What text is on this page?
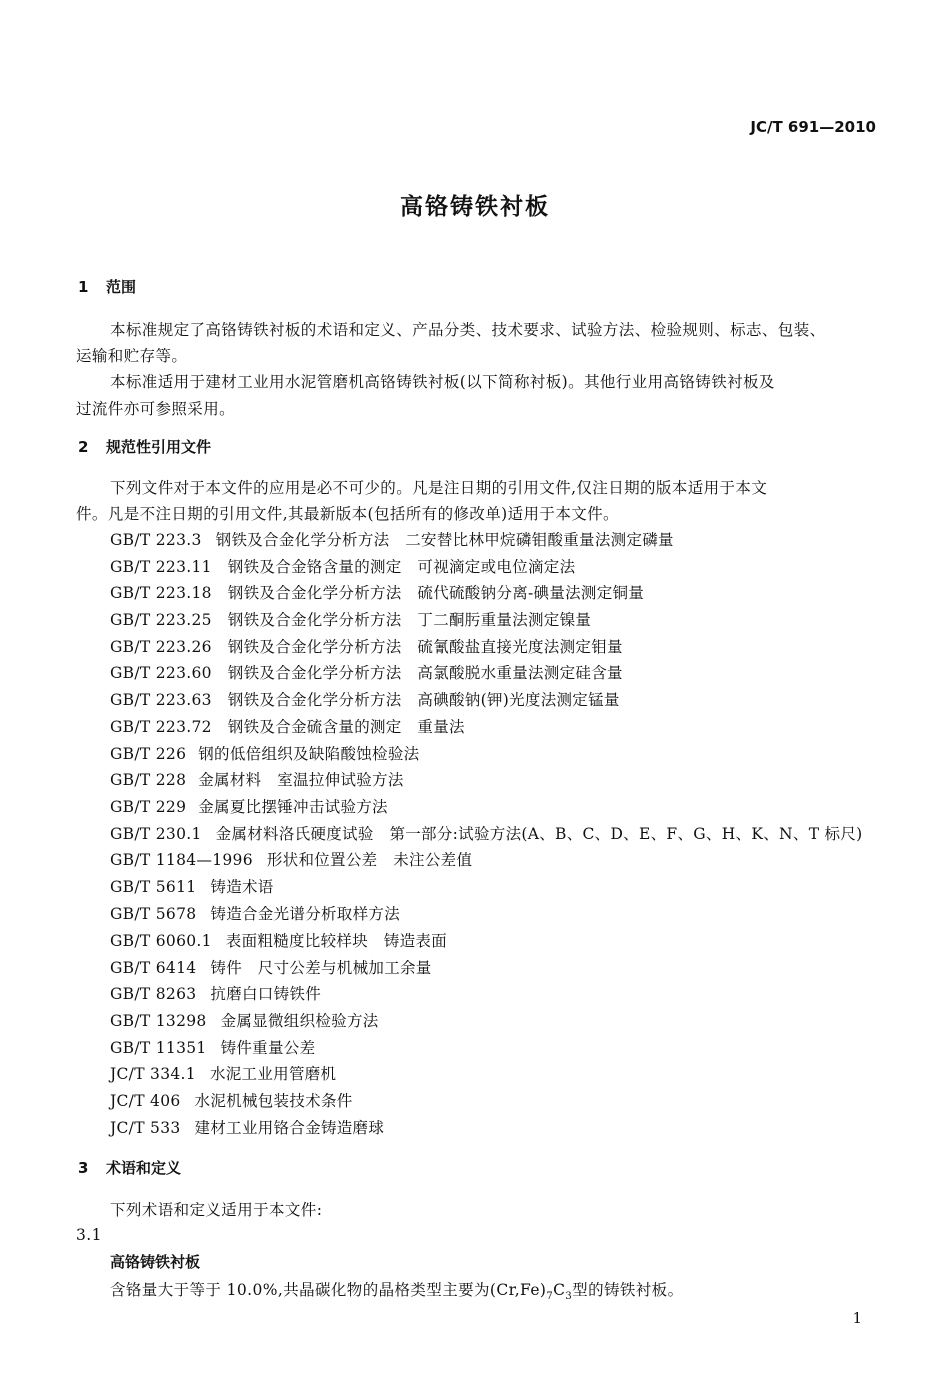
JC/T 691—2010
高铬铸铁衬板
1 范围
本标准规定了高铬铸铁衬板的术语和定义、产品分类、技术要求、试验方法、检验规则、标志、包装、
运输和贮存等。
本标准适用于建材工业用水泥管磨机高铬铸铁衬板(以下简称衬板)。其他行业用高铬铸铁衬板及
过流件亦可参照采用。
2 规范性引用文件
下列文件对于本文件的应用是必不可少的。凡是注日期的引用文件,仅注日期的版本适用于本文
件。凡是不注日期的引用文件,其最新版本(包括所有的修改单)适用于本文件。
GB/T 223.3 钢铁及合金化学分析方法　二安替比林甲烷磷钼酸重量法测定磷量
GB/T 223.11 钢铁及合金铬含量的测定　可视滴定或电位滴定法
GB/T 223.18 钢铁及合金化学分析方法　硫代硫酸钠分离-碘量法测定铜量
GB/T 223.25 钢铁及合金化学分析方法　丁二酮肟重量法测定镍量
GB/T 223.26 钢铁及合金化学分析方法　硫氰酸盐直接光度法测定钼量
GB/T 223.60 钢铁及合金化学分析方法　高氯酸脱水重量法测定硅含量
GB/T 223.63 钢铁及合金化学分析方法　高碘酸钠(钾)光度法测定锰量
GB/T 223.72 钢铁及合金硫含量的测定　重量法
GB/T 226 钢的低倍组织及缺陷酸蚀检验法
GB/T 228 金属材料　室温拉伸试验方法
GB/T 229 金属夏比摆锤冲击试验方法
GB/T 230.1 金属材料洛氏硬度试验　第一部分:试验方法(A、B、C、D、E、F、G、H、K、N、T 标尺)
GB/T 1184—1996 形状和位置公差　未注公差值
GB/T 5611 铸造术语
GB/T 5678 铸造合金光谱分析取样方法
GB/T 6060.1 表面粗糙度比较样块　铸造表面
GB/T 6414 铸件　尺寸公差与机械加工余量
GB/T 8263 抗磨白口铸铁件
GB/T 13298 金属显微组织检验方法
GB/T 11351 铸件重量公差
JC/T 334.1 水泥工业用管磨机
JC/T 406 水泥机械包装技术条件
JC/T 533 建材工业用铬合金铸造磨球
3 术语和定义
下列术语和定义适用于本文件:
3.1
高铬铸铁衬板
含铬量大于等于 10.0%,共晶碳化物的晶格类型主要为$(Cr,Fe)_7C_3$型的铸铁衬板。
1
